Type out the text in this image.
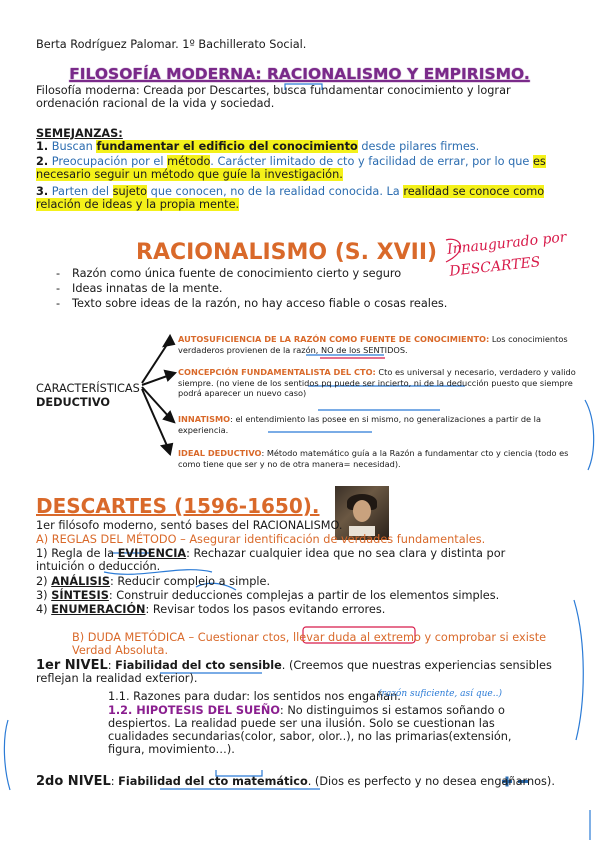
Berta Rodríguez Palomar. 1º Bachillerato Social.
FILOSOFÍA MODERNA: RACIONALISMO Y EMPIRISMO.
Filosofía moderna: Creada por Descartes, busca fundamentar conocimiento y lograr ordenación racional de la vida y sociedad.
SEMEJANZAS:
1. Buscan fundamentar el edificio del conocimiento desde pilares firmes.
2. Preocupación por el método. Carácter limitado de cto y facilidad de errar, por lo que es necesario seguir un método que guíe la investigación.
3. Parten del sujeto que conocen, no de la realidad conocida. La realidad se conoce como relación de ideas y la propia mente.
RACIONALISMO (S. XVII) Innaugurado por DESCARTES
- Razón como única fuente de conocimiento cierto y seguro
- Ideas innatas de la mente.
- Texto sobre ideas de la razón, no hay acceso fiable o cosas reales.
CARACTERÍSTICAS
DEDUCTIVO
AUTOSUFICIENCIA DE LA RAZÓN COMO FUENTE DE CONOCIMIENTO: Los conocimientos verdaderos provienen de la razón, NO de los SENTIDOS.
CONCEPCIÓN FUNDAMENTALISTA DEL CTO: Cto es universal y necesario, verdadero y valido siempre. (no viene de los sentidos pq puede ser incierto, ni de la deducción puesto que siempre podrá aparecer un nuevo caso)
INNATISMO: el entendimiento las posee en si mismo, no generalizaciones a partir de la experiencia.
IDEAL DEDUCTIVO: Método matemático guía a la Razón a fundamentar cto y ciencia (todo es como tiene que ser y no de otra manera= necesidad).
DESCARTES (1596-1650).
1er filósofo moderno, sentó bases del RACIONALISMO.
A) REGLAS DEL MÉTODO – Asegurar identificación de verdades fundamentales.
1) Regla de la EVIDENCIA: Rechazar cualquier idea que no sea clara y distinta por intuición o deducción.
2) ANÁLISIS: Reducir complejo a simple.
3) SÍNTESIS: Construir deducciones complejas a partir de los elementos simples.
4) ENUMERACIÓN: Revisar todos los pasos evitando errores.
B) DUDA METÓDICA – Cuestionar ctos, llevar duda al extremo y comprobar si existe Verdad Absoluta.
1er NIVEL: Fiabilidad del cto sensible. (Creemos que nuestras experiencias sensibles reflejan la realidad exterior).
1.1. Razones para dudar: los sentidos nos engañan.
(razón suficiente, así que..)
1.2. HIPOTESIS DEL SUEÑO: No distinguimos si estamos soñando o despiertos. La realidad puede ser una ilusión. Solo se cuestionan las cualidades secundarias(color, sabor, olor..), no las primarias(extensión, figura, movimiento…).
2do NIVEL: Fiabilidad del cto matemático. (Dios es perfecto y no desea engañarnos).
